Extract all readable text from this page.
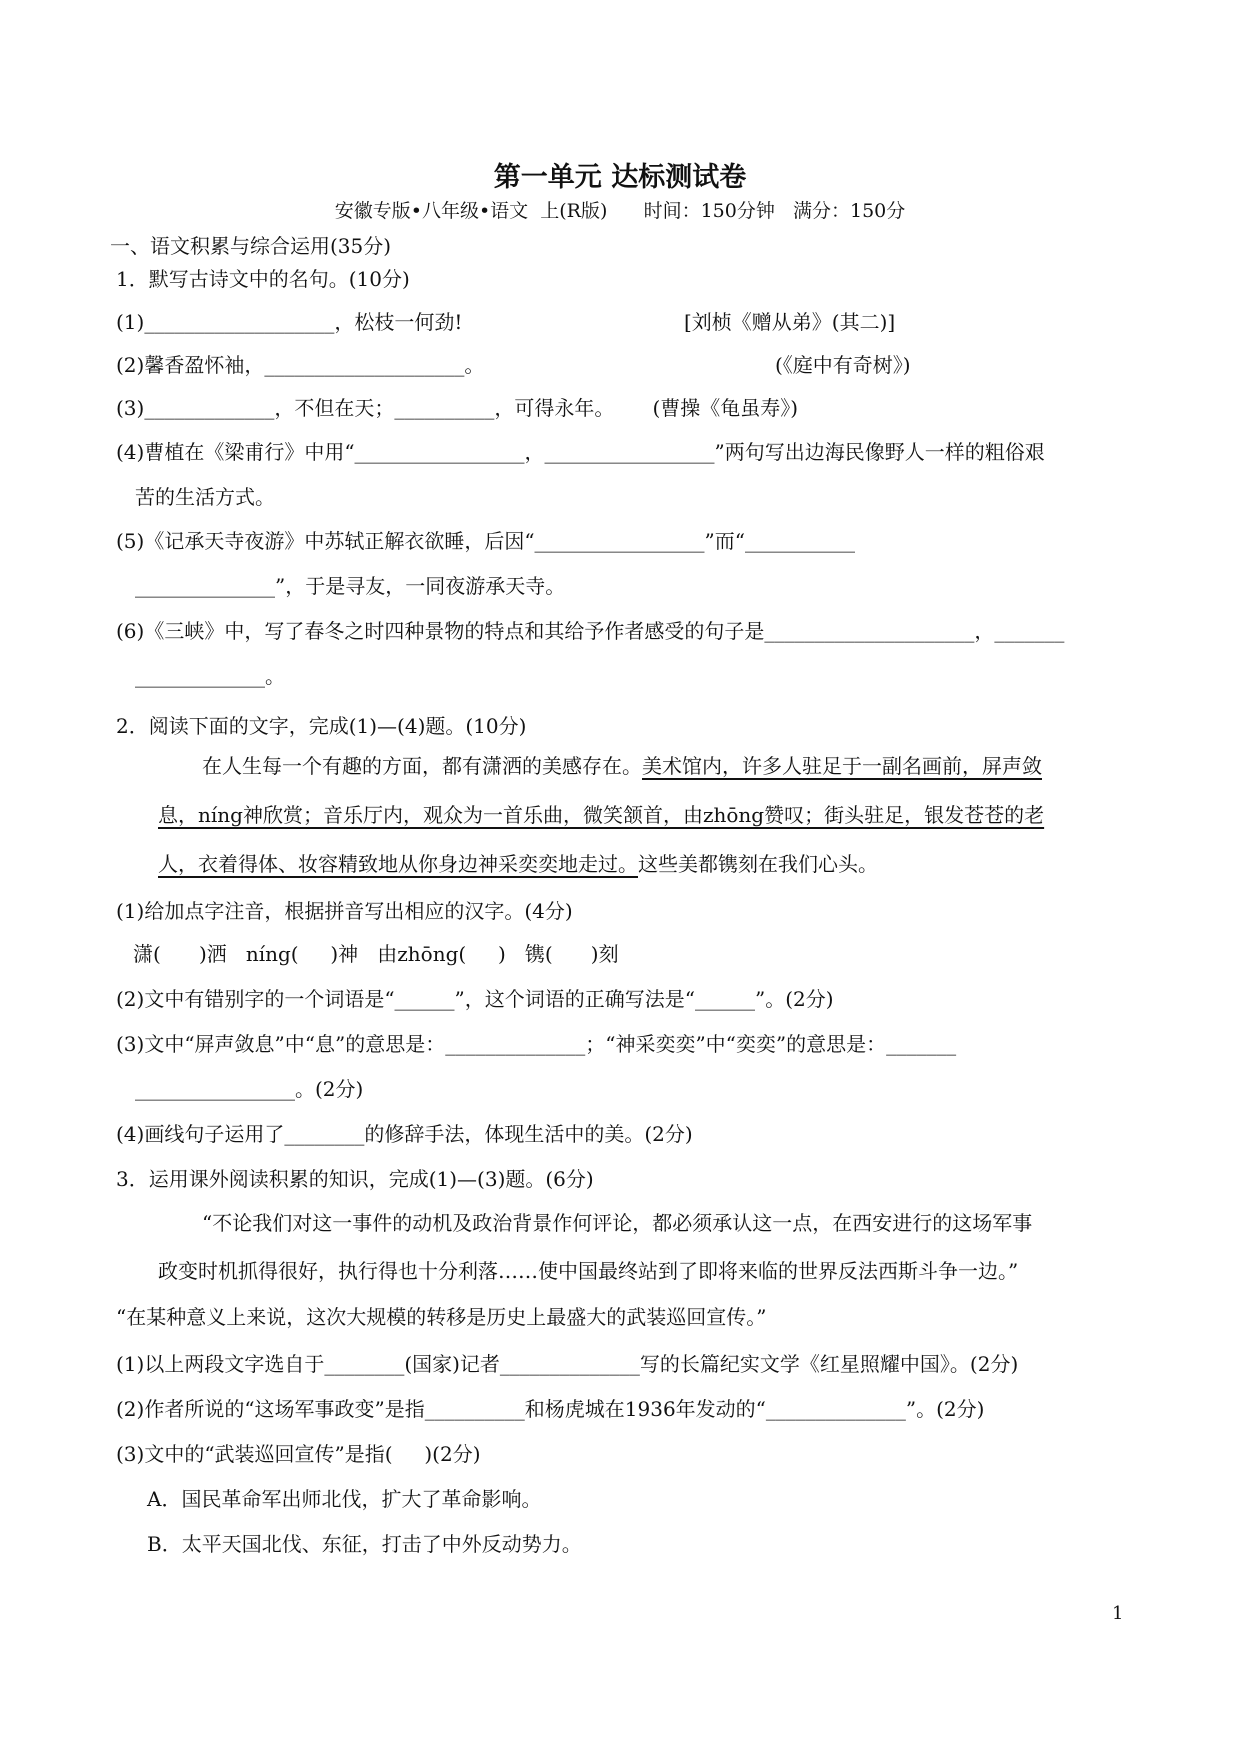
第一单元 达标测试卷
安徽专版•八年级•语文  上(R版)      时间：150分钟   满分：150分
一、语文积累与综合运用(35分)
1．默写古诗文中的名句。(10分)
(1)___________________，松枝一何劲!	[刘桢《赠从弟》(其二)]
(2)馨香盈怀袖，____________________。	(《庭中有奇树》)
(3)_____________，不但在天；__________，可得永年。      (曹操《龟虽寿》)
(4)曹植在《梁甫行》中用“_________________，_________________”两句写出边海民像野人一样的粗俗艰
苦的生活方式。
(5)《记承天寺夜游》中苏轼正解衣欲睡，后因“_________________”而“___________
______________”，于是寻友，一同夜游承天寺。
(6)《三峡》中，写了春冬之时四种景物的特点和其给予作者感受的句子是_____________________，_______
_____________。
2．阅读下面的文字，完成(1)—(4)题。(10分)
在人生每一个有趣的方面，都有潇洒的美感存在。美术馆内，许多人驻足于一副名画前，屏声敛
息，níng神欣赏；音乐厅内，观众为一首乐曲，微笑颔首，由zhōng赞叹；街头驻足，银发苍苍的老
人，衣着得体、妆容精致地从你身边神采奕奕地走过。这些美都镌刻在我们心头。
(1)给加点字注音，根据拼音写出相应的汉字。(4分)
潇(      )洒   níng(     )神   由zhōng(     )   镌(      )刻
(2)文中有错别字的一个词语是“______”，这个词语的正确写法是“______”。(2分)
(3)文中“屏声敛息”中“息”的意思是：______________；“神采奕奕”中“奕奕”的意思是：_______
________________。(2分)
(4)画线句子运用了________的修辞手法，体现生活中的美。(2分)
3．运用课外阅读积累的知识，完成(1)—(3)题。(6分)
“不论我们对这一事件的动机及政治背景作何评论，都必须承认这一点，在西安进行的这场军事
政变时机抓得很好，执行得也十分利落……使中国最终站到了即将来临的世界反法西斯斗争一边。”
“在某种意义上来说，这次大规模的转移是历史上最盛大的武装巡回宣传。”
(1)以上两段文字选自于________(国家)记者______________写的长篇纪实文学《红星照耀中国》。(2分)
(2)作者所说的“这场军事政变”是指__________和杨虎城在1936年发动的“______________”。(2分)
(3)文中的“武装巡回宣传”是指(     )(2分)
A．国民革命军出师北伐，扩大了革命影响。
B．太平天国北伐、东征，打击了中外反动势力。
1
